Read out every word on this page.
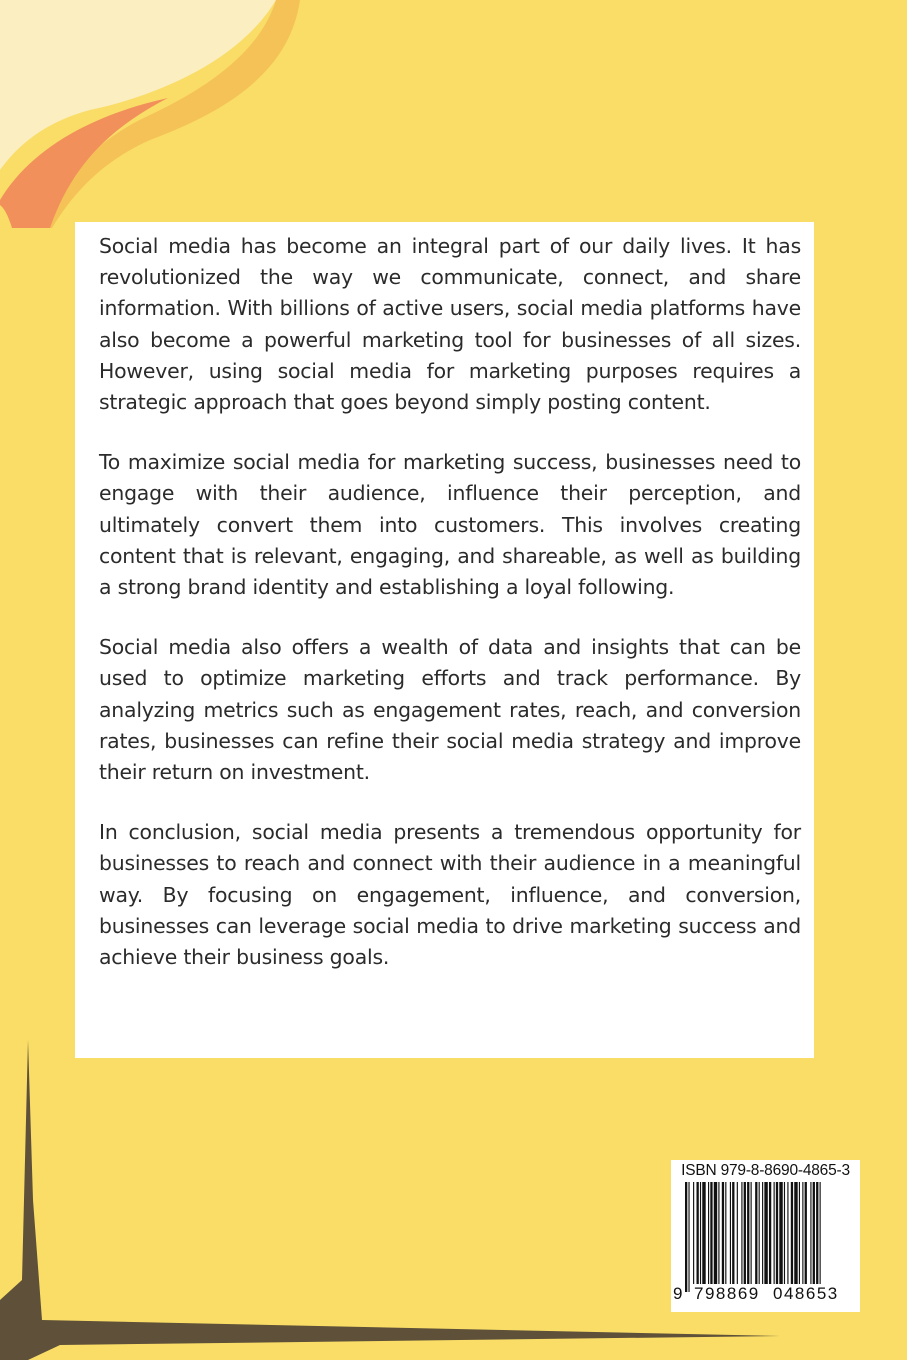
Social media has become an integral part of our daily lives. It has revolutionized the way we communicate, connect, and share information. With billions of active users, social media platforms have also become a powerful marketing tool for businesses of all sizes. However, using social media for marketing purposes requires a strategic approach that goes beyond simply posting content.

To maximize social media for marketing success, businesses need to engage with their audience, influence their perception, and ultimately convert them into customers. This involves creating content that is relevant, engaging, and shareable, as well as building a strong brand identity and establishing a loyal following.

Social media also offers a wealth of data and insights that can be used to optimize marketing efforts and track performance. By analyzing metrics such as engagement rates, reach, and conversion rates, businesses can refine their social media strategy and improve their return on investment.

In conclusion, social media presents a tremendous opportunity for businesses to reach and connect with their audience in a meaningful way. By focusing on engagement, influence, and conversion, businesses can leverage social media to drive marketing success and achieve their business goals.

ISBN 979-8-8690-4865-3
9 798869 048653
